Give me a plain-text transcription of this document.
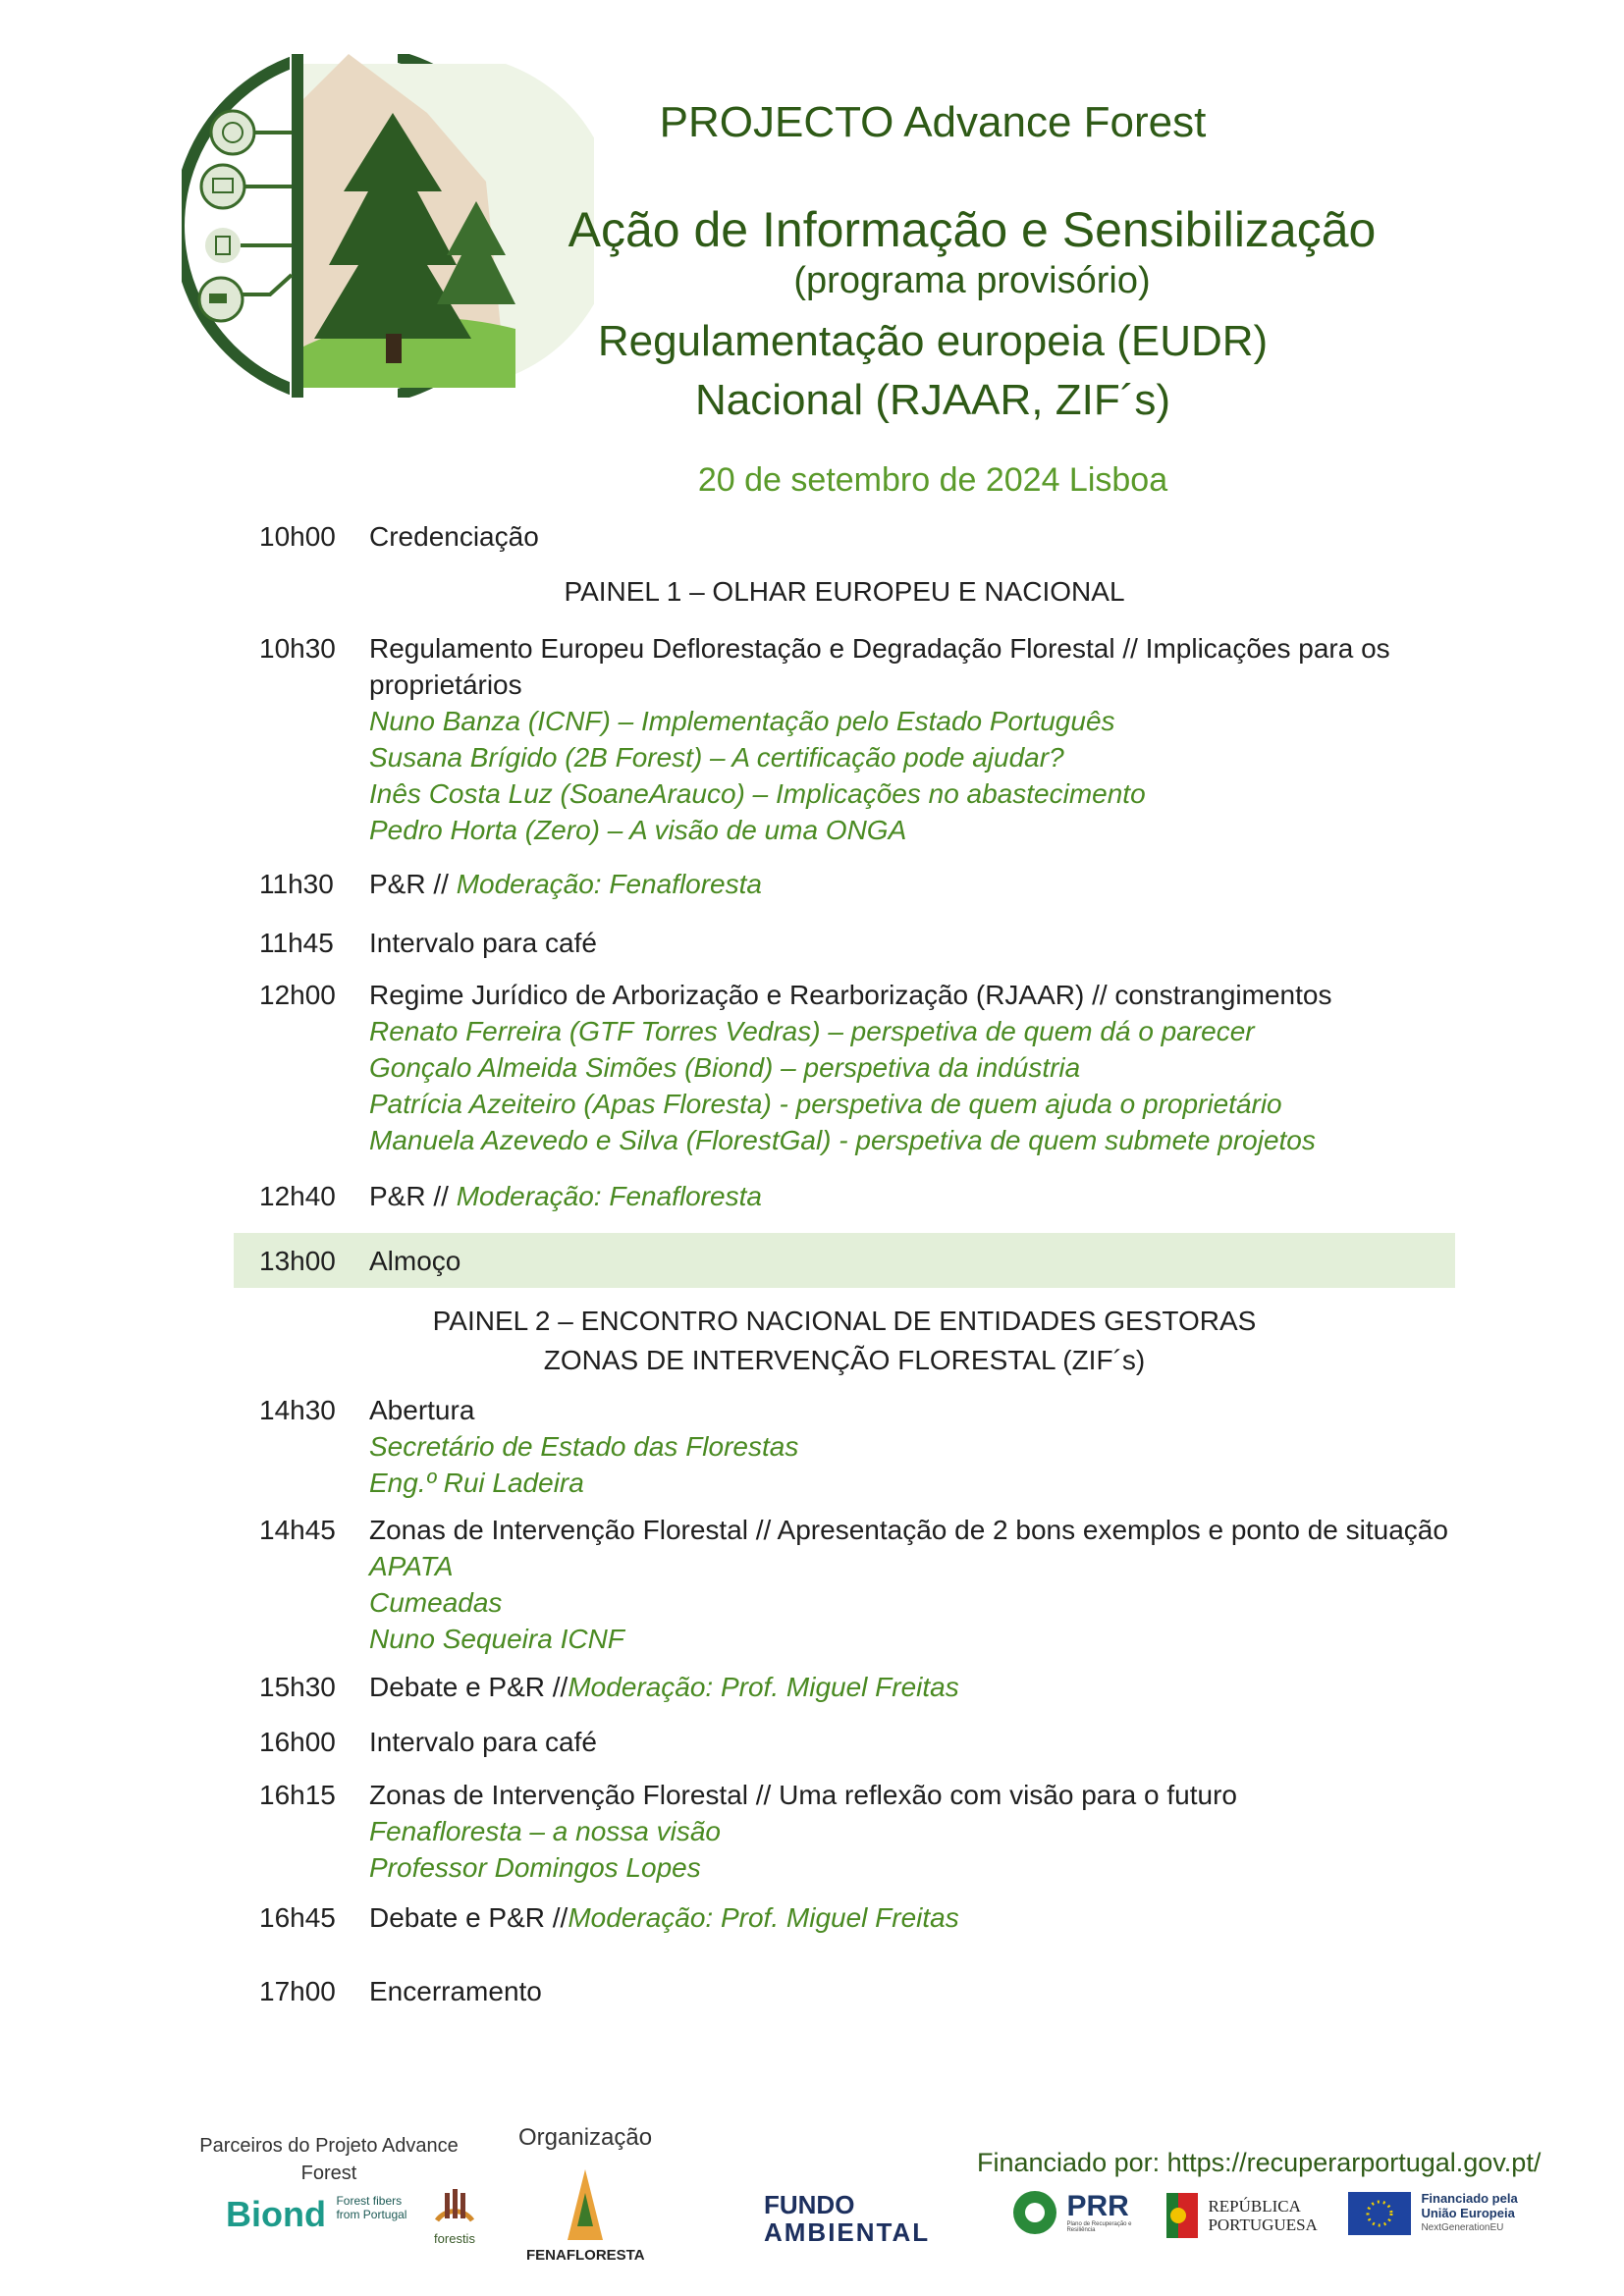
PROJECTO Advance Forest
Ação de Informação e Sensibilização
(programa provisório)
Regulamentação europeia (EUDR)
Nacional (RJAAR, ZIF´s)
20 de setembro de 2024 Lisboa
10h00	Credenciação
PAINEL 1 – OLHAR EUROPEU E NACIONAL
10h30	Regulamento Europeu Deflorestação e Degradação Florestal // Implicações para os
proprietários
Nuno Banza (ICNF) – Implementação pelo Estado Português
Susana Brígido (2B Forest) – A certificação pode ajudar?
Inês Costa Luz (SoaneArauco) – Implicações no abastecimento
Pedro Horta (Zero) – A visão de uma ONGA
11h30	P&R // Moderação: Fenafloresta
11h45	Intervalo para café
12h00	Regime Jurídico de Arborização e Rearborização (RJAAR) // constrangimentos
Renato Ferreira (GTF Torres Vedras) – perspetiva de quem dá o parecer
Gonçalo Almeida Simões (Biond) – perspetiva da indústria
Patrícia Azeiteiro (Apas Floresta) - perspetiva de quem ajuda o proprietário
Manuela Azevedo e Silva (FlorestGal) - perspetiva de quem submete projetos
12h40	P&R // Moderação: Fenafloresta
13h00	Almoço
PAINEL 2 – ENCONTRO NACIONAL DE ENTIDADES GESTORAS
ZONAS DE INTERVENÇÃO FLORESTAL (ZIF´s)
14h30	Abertura
Secretário de Estado das Florestas
Eng.º Rui Ladeira
14h45	Zonas de Intervenção Florestal // Apresentação de 2 bons exemplos e ponto de situação
APATA
Cumeadas
Nuno Sequeira ICNF
15h30	Debate e P&R //Moderação: Prof. Miguel Freitas
16h00	Intervalo para café
16h15	Zonas de Intervenção Florestal // Uma reflexão com visão para o futuro
Fenafloresta – a nossa visão
Professor Domingos Lopes
16h45	Debate e P&R //Moderação: Prof. Miguel Freitas
17h00	Encerramento
Parceiros do Projeto Advance
Forest
Organização
Financiado por: https://recuperarportugal.gov.pt/
Biond Forest fibers
from Portugal
forestis
FENAFLORESTA
FUNDO
AMBIENTAL

PRR
Plano de Recuperação e Resiliência

REPÚBLICA
PORTUGUESA

Financiado pela
União Europeia
NextGenerationEU
